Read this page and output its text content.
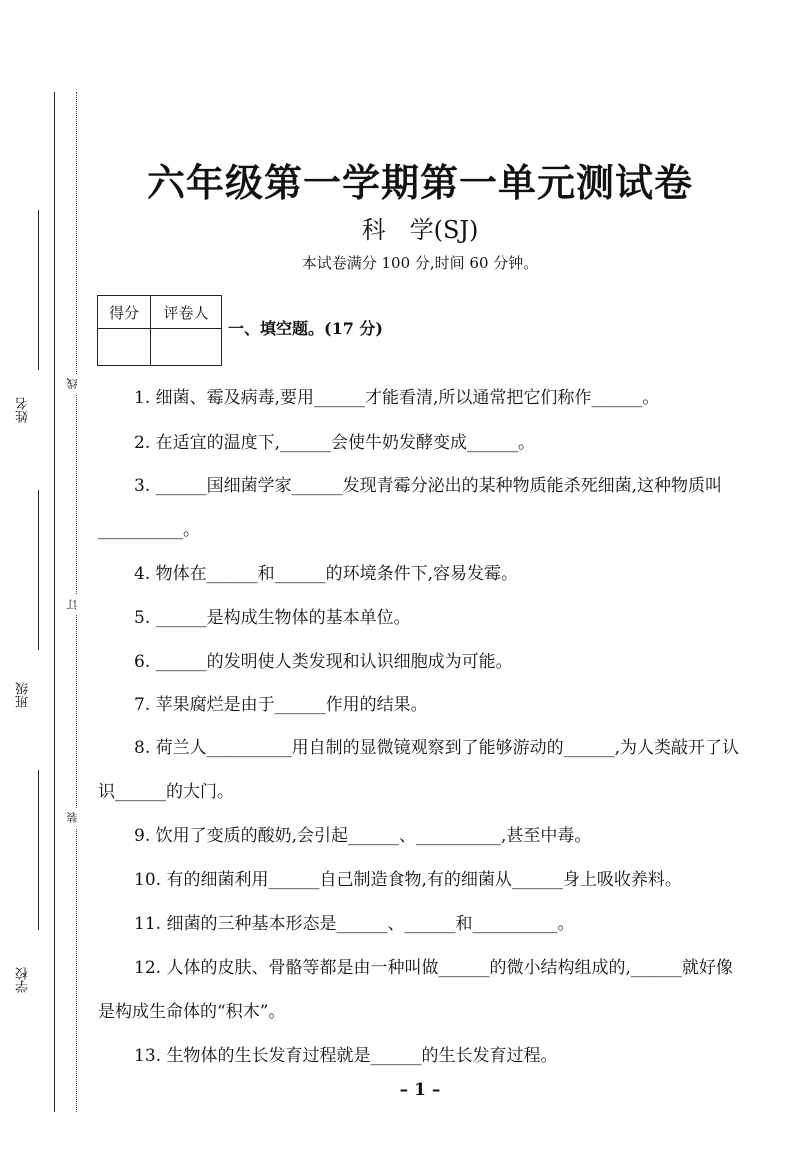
姓名
班级
学校
线
订
装
六年级第一学期第一单元测试卷
科　学(SJ)
本试卷满分 100 分,时间 60 分钟。
得分	评卷人

一、填空题。(17 分)
1. 细菌、霉及病毒,要用______才能看清,所以通常把它们称作______。
2. 在适宜的温度下,______会使牛奶发酵变成______。
3. ______国细菌学家______发现青霉分泌出的某种物质能杀死细菌,这种物质叫__________。
4. 物体在______和______的环境条件下,容易发霉。
5. ______是构成生物体的基本单位。
6. ______的发明使人类发现和认识细胞成为可能。
7. 苹果腐烂是由于______作用的结果。
8. 荷兰人__________用自制的显微镜观察到了能够游动的______,为人类敲开了认识______的大门。
9. 饮用了变质的酸奶,会引起______、__________,甚至中毒。
10. 有的细菌利用______自己制造食物,有的细菌从______身上吸收养料。
11. 细菌的三种基本形态是______、______和__________。
12. 人体的皮肤、骨骼等都是由一种叫做______的微小结构组成的,______就好像是构成生命体的“积木”。
13. 生物体的生长发育过程就是______的生长发育过程。
– 1 –
